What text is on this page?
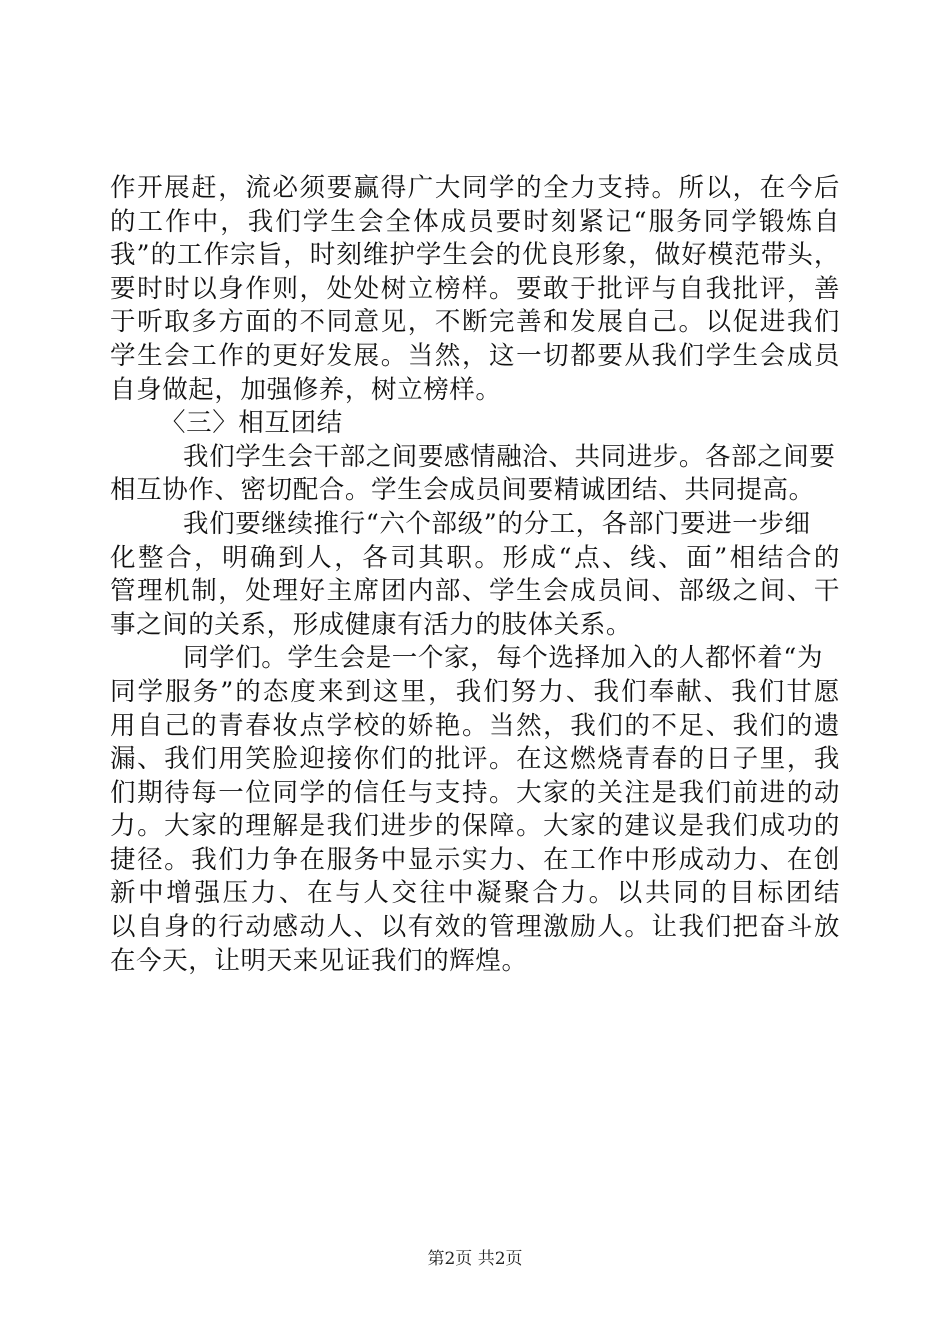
作开展赶，流必须要赢得广大同学的全力支持。所以，在今后
的工作中，我们学生会全体成员要时刻紧记“服务同学锻炼自
我”的工作宗旨，时刻维护学生会的优良形象，做好模范带头，
要时时以身作则，处处树立榜样。要敢于批评与自我批评，善
于听取多方面的不同意见，不断完善和发展自己。以促进我们
学生会工作的更好发展。当然，这一切都要从我们学生会成员
自身做起，加强修养，树立榜样。
〈三〉相互团结
我们学生会干部之间要感情融洽、共同进步。各部之间要
相互协作、密切配合。学生会成员间要精诚团结、共同提高。
我们要继续推行“六个部级”的分工，各部门要进一步细
化整合，明确到人，各司其职。形成“点、线、面”相结合的
管理机制，处理好主席团内部、学生会成员间、部级之间、干
事之间的关系，形成健康有活力的肢体关系。
同学们。学生会是一个家，每个选择加入的人都怀着“为
同学服务”的态度来到这里，我们努力、我们奉献、我们甘愿
用自己的青春妆点学校的娇艳。当然，我们的不足、我们的遗
漏、我们用笑脸迎接你们的批评。在这燃烧青春的日子里，我
们期待每一位同学的信任与支持。大家的关注是我们前进的动
力。大家的理解是我们进步的保障。大家的建议是我们成功的
捷径。我们力争在服务中显示实力、在工作中形成动力、在创
新中增强压力、在与人交往中凝聚合力。以共同的目标团结
以自身的行动感动人、以有效的管理激励人。让我们把奋斗放
在今天，让明天来见证我们的辉煌。
第2页 共2页
